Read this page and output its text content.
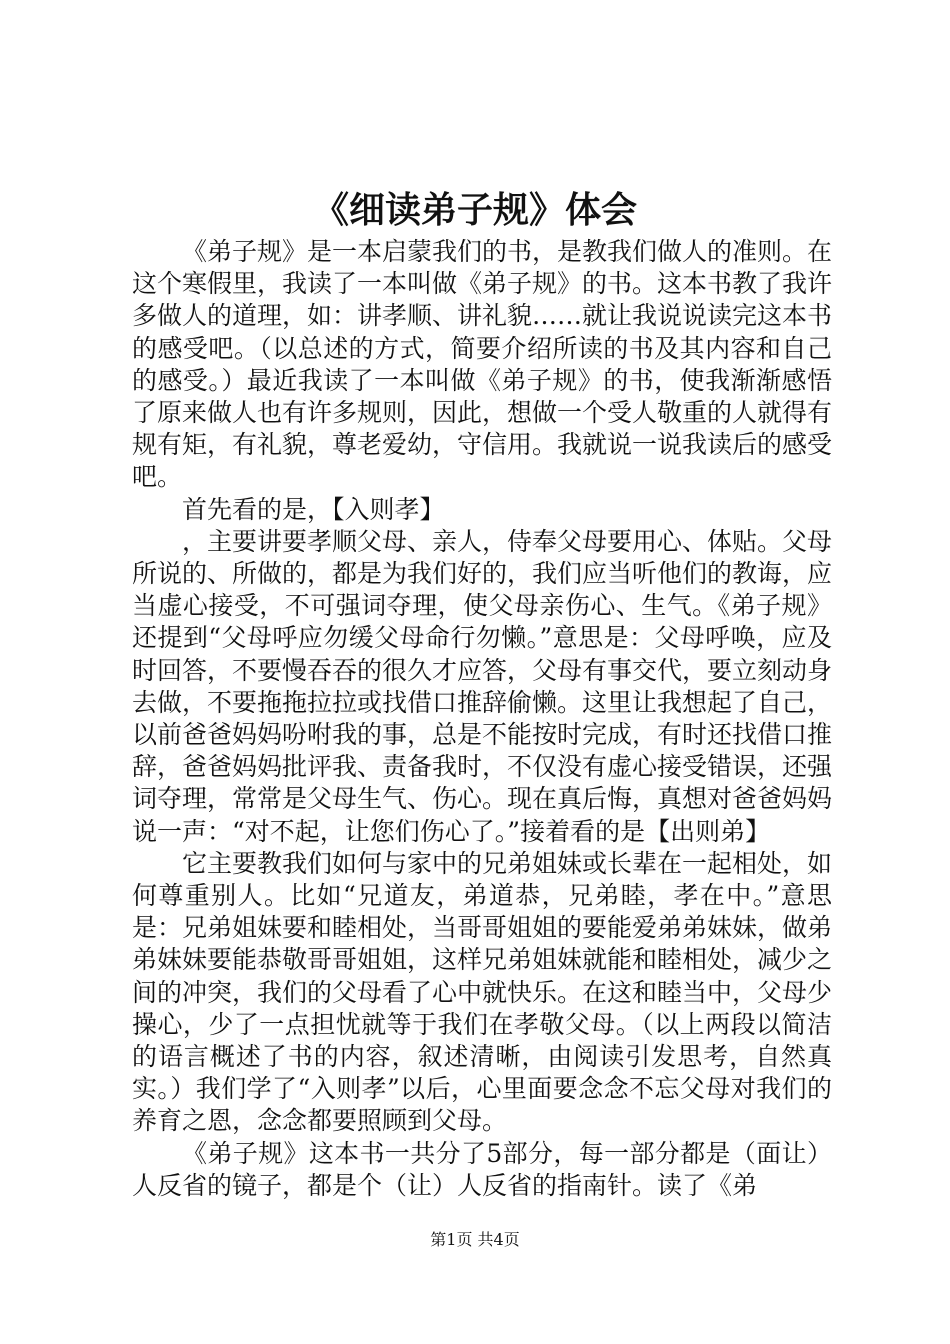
《细读弟子规》体会

《弟子规》是一本启蒙我们的书，是教我们做人的准则。在这个寒假里，我读了一本叫做《弟子规》的书。这本书教了我许多做人的道理，如：讲孝顺、讲礼貌……就让我说说读完这本书的感受吧。（以总述的方式，简要介绍所读的书及其内容和自己的感受。）最近我读了一本叫做《弟子规》的书，使我渐渐感悟了原来做人也有许多规则，因此，想做一个受人敬重的人就得有规有矩，有礼貌，尊老爱幼，守信用。我就说一说我读后的感受吧。

首先看的是，【入则孝】

，主要讲要孝顺父母、亲人，侍奉父母要用心、体贴。父母所说的、所做的，都是为我们好的，我们应当听他们的教诲，应当虚心接受，不可强词夺理，使父母亲伤心、生气。《弟子规》还提到“父母呼应勿缓父母命行勿懒。”意思是：父母呼唤，应及时回答，不要慢吞吞的很久才应答，父母有事交代，要立刻动身去做，不要拖拖拉拉或找借口推辞偷懒。这里让我想起了自己，以前爸爸妈妈吩咐我的事，总是不能按时完成，有时还找借口推辞，爸爸妈妈批评我、责备我时，不仅没有虚心接受错误，还强词夺理，常常是父母生气、伤心。现在真后悔，真想对爸爸妈妈说一声：“对不起，让您们伤心了。”接着看的是【出则弟】

它主要教我们如何与家中的兄弟姐妹或长辈在一起相处，如何尊重别人。比如“兄道友，弟道恭，兄弟睦，孝在中。”意思是：兄弟姐妹要和睦相处，当哥哥姐姐的要能爱弟弟妹妹，做弟弟妹妹要能恭敬哥哥姐姐，这样兄弟姐妹就能和睦相处，减少之间的冲突，我们的父母看了心中就快乐。在这和睦当中，父母少操心，少了一点担忧就等于我们在孝敬父母。（以上两段以简洁的语言概述了书的内容，叙述清晰，由阅读引发思考，自然真实。）我们学了“入则孝”以后，心里面要念念不忘父母对我们的养育之恩，念念都要照顾到父母。

《弟子规》这本书一共分了5部分，每一部分都是（面让）人反省的镜子，都是个（让）人反省的指南针。读了《弟

第1页 共4页
